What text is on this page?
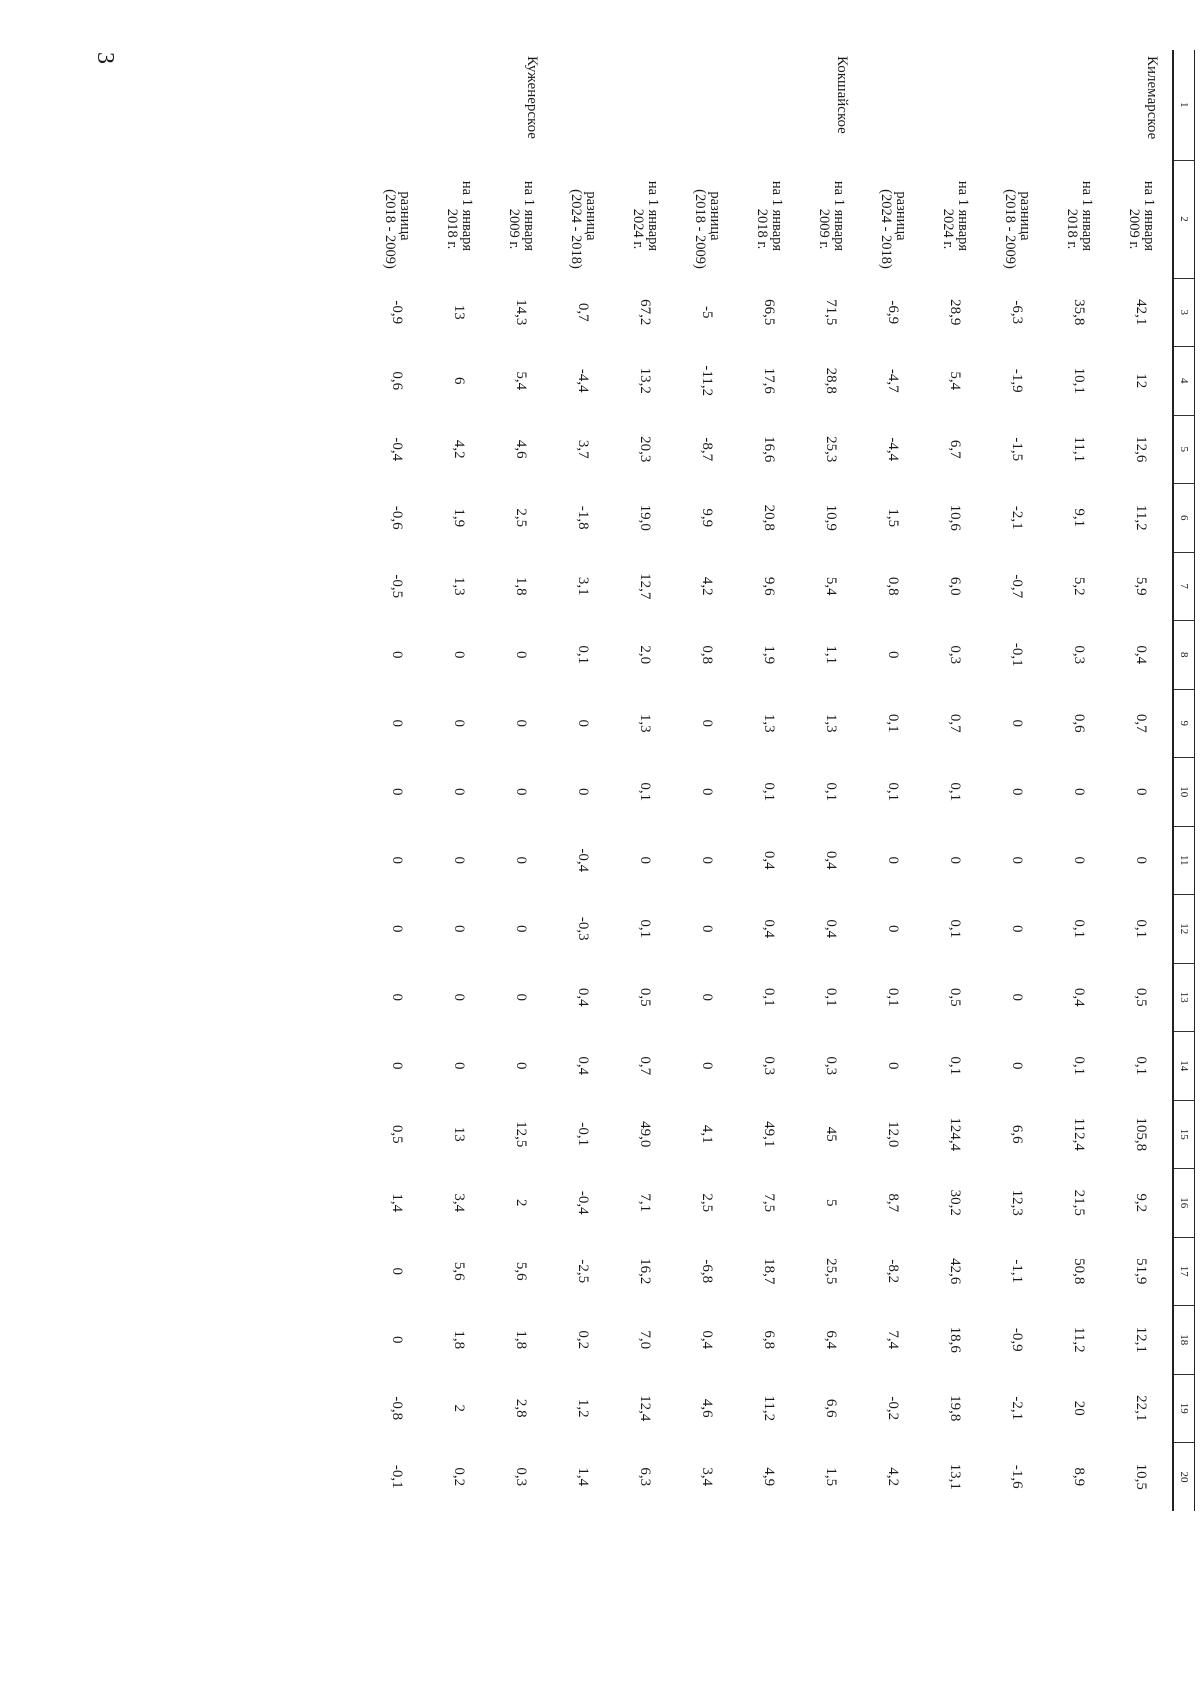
3
1	2	3	4	5	6	7	8	9	10	11	12	13	14	15	16	17	18	19	20
Килемарское	на 1 января
2009 г.	42,1	12	12,6	11,2	5,9	0,4	0,7	0	0	0,1	0,5	0,1	105,8	9,2	51,9	12,1	22,1	10,5

	на 1 января
2018 г.	35,8	10,1	11,1	9,1	5,2	0,3	0,6	0	0	0,1	0,4	0,1	112,4	21,5	50,8	11,2	20	8,9

	разница
(2018 - 2009)	-6,3	-1,9	-1,5	-2,1	-0,7	-0,1	0	0	0	0	0	0	6,6	12,3	-1,1	-0,9	-2,1	-1,6

	на 1 января
2024 г.	28,9	5,4	6,7	10,6	6,0	0,3	0,7	0,1	0	0,1	0,5	0,1	124,4	30,2	42,6	18,6	19,8	13,1

	разница
(2024 - 2018)	-6,9	-4,7	-4,4	1,5	0,8	0	0,1	0,1	0	0	0,1	0	12,0	8,7	-8,2	7,4	-0,2	4,2
Кокшайское	на 1 января
2009 г.	71,5	28,8	25,3	10,9	5,4	1,1	1,3	0,1	0,4	0,4	0,1	0,3	45	5	25,5	6,4	6,6	1,5

	на 1 января
2018 г.	66,5	17,6	16,6	20,8	9,6	1,9	1,3	0,1	0,4	0,4	0,1	0,3	49,1	7,5	18,7	6,8	11,2	4,9

	разница
(2018 - 2009)	-5	-11,2	-8,7	9,9	4,2	0,8	0	0	0	0	0	0	4,1	2,5	-6,8	0,4	4,6	3,4

	на 1 января
2024 г.	67,2	13,2	20,3	19,0	12,7	2,0	1,3	0,1	0	0,1	0,5	0,7	49,0	7,1	16,2	7,0	12,4	6,3

	разница
(2024 - 2018)	0,7	-4,4	3,7	-1,8	3,1	0,1	0	0	-0,4	-0,3	0,4	0,4	-0,1	-0,4	-2,5	0,2	1,2	1,4
Кужeнерское	на 1 января
2009 г.	14,3	5,4	4,6	2,5	1,8	0	0	0	0	0	0	0	12,5	2	5,6	1,8	2,8	0,3

	на 1 января
2018 г.	13	6	4,2	1,9	1,3	0	0	0	0	0	0	0	13	3,4	5,6	1,8	2	0,2

	разница
(2018 - 2009)	-0,9	0,6	-0,4	-0,6	-0,5	0	0	0	0	0	0	0	0,5	1,4	0	0	-0,8	-0,1
